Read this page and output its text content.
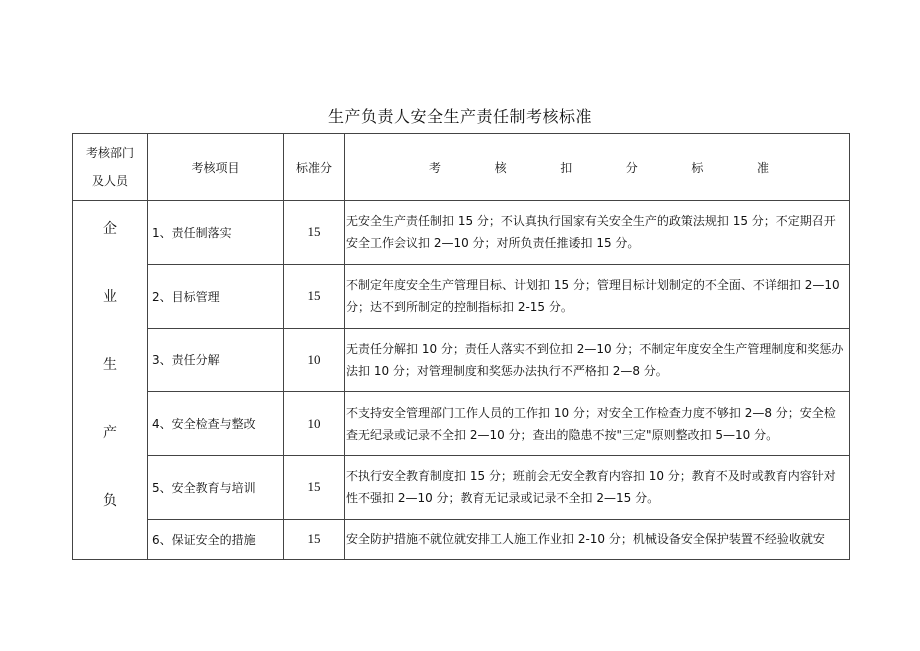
生产负责人安全生产责任制考核标准
考核部门
及人员	考核项目	标准分	考核扣分标准

企
业
生
产
负	1、责任制落实	15	无安全生产责任制扣 15 分；不认真执行国家有关安全生产的政策法规扣 15 分；不定期召开安全工作会议扣 2—10 分；对所负责任推诿扣 15 分。
	2、目标管理	15	不制定年度安全生产管理目标、计划扣 15 分；管理目标计划制定的不全面、不详细扣 2—10 分；达不到所制定的控制指标扣 2-15 分。
	3、责任分解	10	无责任分解扣 10 分；责任人落实不到位扣 2—10 分；不制定年度安全生产管理制度和奖惩办法扣 10 分；对管理制度和奖惩办法执行不严格扣 2—8 分。
	4、安全检查与整改	10	不支持安全管理部门工作人员的工作扣 10 分；对安全工作检查力度不够扣 2—8 分；安全检查无纪录或记录不全扣 2—10 分；查出的隐患不按"三定"原则整改扣 5—10 分。
	5、安全教育与培训	15	不执行安全教育制度扣 15 分；班前会无安全教育内容扣 10 分；教育不及时或教育内容针对性不强扣 2—10 分；教育无记录或记录不全扣 2—15 分。
	6、保证安全的措施	15	安全防护措施不就位就安排工人施工作业扣 2-10 分；机械设备安全保护装置不经验收就安
